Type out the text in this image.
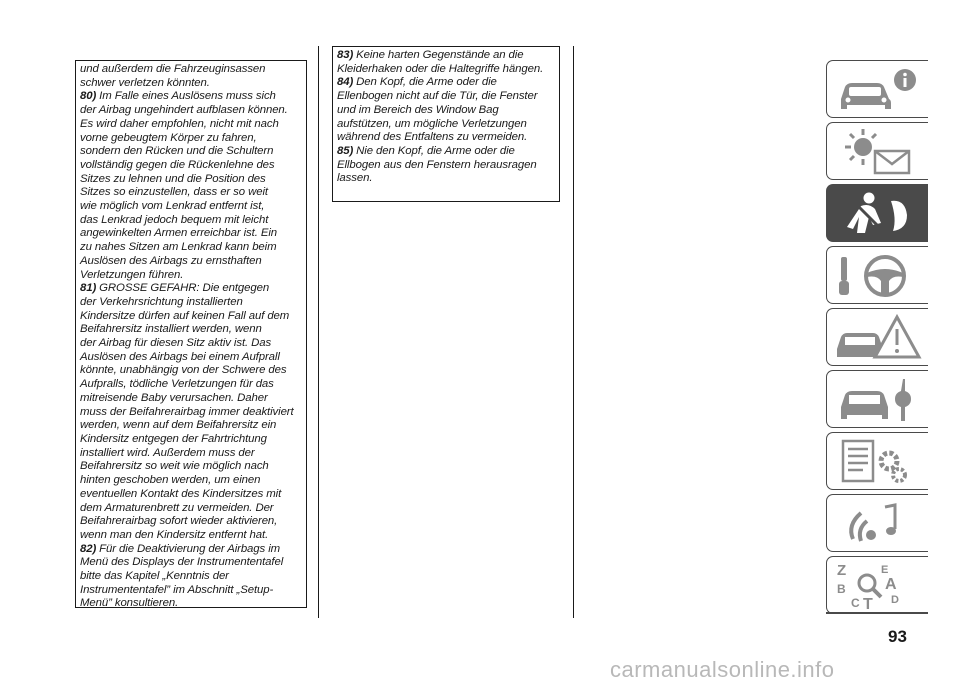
und außerdem die Fahrzeuginsassen
schwer verletzen könnten.

80) Im Falle eines Auslösens muss sich
der Airbag ungehindert aufblasen können.
Es wird daher empfohlen, nicht mit nach
vorne gebeugtem Körper zu fahren,
sondern den Rücken und die Schultern
vollständig gegen die Rückenlehne des
Sitzes zu lehnen und die Position des
Sitzes so einzustellen, dass er so weit
wie möglich vom Lenkrad entfernt ist,
das Lenkrad jedoch bequem mit leicht
angewinkelten Armen erreichbar ist. Ein
zu nahes Sitzen am Lenkrad kann beim
Auslösen des Airbags zu ernsthaften
Verletzungen führen.

81) GROSSE GEFAHR: Die entgegen
der Verkehrsrichtung installierten
Kindersitze dürfen auf keinen Fall auf dem
Beifahrersitz installiert werden, wenn
der Airbag für diesen Sitz aktiv ist. Das
Auslösen des Airbags bei einem Aufprall
könnte, unabhängig von der Schwere des
Aufpralls, tödliche Verletzungen für das
mitreisende Baby verursachen. Daher
muss der Beifahrerairbag immer deaktiviert
werden, wenn auf dem Beifahrersitz ein
Kindersitz entgegen der Fahrtrichtung
installiert wird. Außerdem muss der
Beifahrersitz so weit wie möglich nach
hinten geschoben werden, um einen
eventuellen Kontakt des Kindersitzes mit
dem Armaturenbrett zu vermeiden. Der
Beifahrerairbag sofort wieder aktivieren,
wenn man den Kindersitz entfernt hat.

82) Für die Deaktivierung der Airbags im
Menü des Displays der Instrumententafel
bitte das Kapitel „Kenntnis der
Instrumententafel” im Abschnitt „Setup-
Menü” konsultieren.

83) Keine harten Gegenstände an die
Kleiderhaken oder die Haltegriffe hängen.

84) Den Kopf, die Arme oder die
Ellenbogen nicht auf die Tür, die Fenster
und im Bereich des Window Bag
aufstützen, um mögliche Verletzungen
während des Entfaltens zu vermeiden.

85) Nie den Kopf, die Arme oder die
Ellbogen aus den Fenstern herausragen
lassen.

Z	E
A
B
C T D
93
carmanualsonline.info
